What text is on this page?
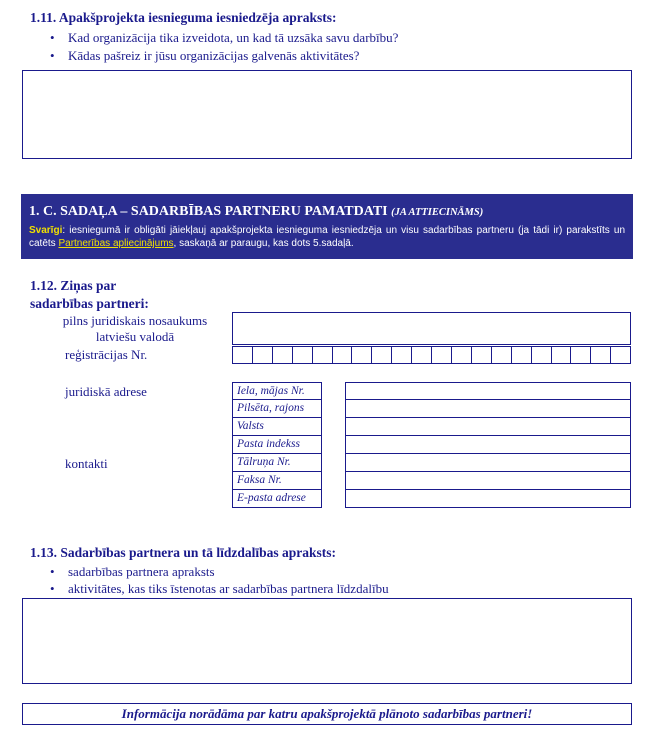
1.11. Apakšprojekta iesnieguma iesniedzēja apraksts:
• Kad organizācija tika izveidota, un kad tā uzsāka savu darbību?
• Kādas pašreiz ir jūsu organizācijas galvenās aktivitātes?
1. C. SADAĻA – SADARBĪBAS PARTNERU PAMATDATI (JA ATTIECINĀMS)
Svarīgi: iesniegumā ir obligāti jāiekļauj apakšprojekta iesnieguma iesniedzēja un visu sadarbības partneru (ja tādi ir) parakstīts un catēts Partnerības apliecinājums, saskaņā ar paraugu, kas dots 5.sadaļā.
1.12. Ziņas par
sadarbības partneri:
pilns juridiskais nosaukums
latviešu valodā
reģistrācijas Nr.
juridiskā adrese
kontakti
Iela, mājas Nr.
Pilsēta, rajons
Valsts
Pasta indekss
Tālruņa Nr.
Faksa Nr.
E-pasta adrese
1.13. Sadarbības partnera un tā līdzdalības apraksts:
• sadarbības partnera apraksts
• aktivitātes, kas tiks īstenotas ar sadarbības partnera līdzdalību
Informācija norādāma par katru apakšprojektā plānoto sadarbības partneri!
